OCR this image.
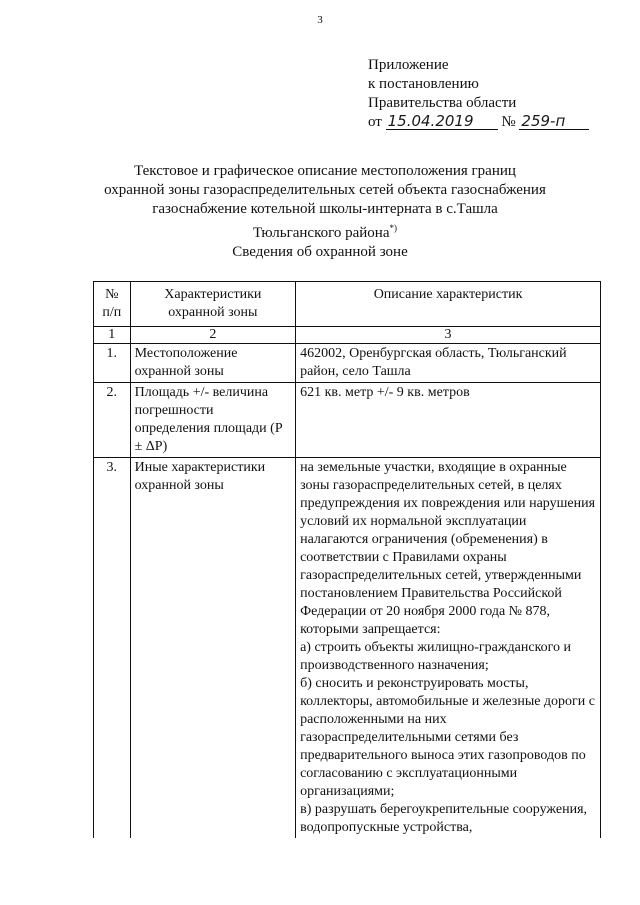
3
Приложение
к постановлению
Правительства области
от 15.04.2019 № 259-п
Текстовое и графическое описание местоположения границ
охранной зоны газораспределительных сетей объекта газоснабжения
газоснабжение котельной школы-интерната в с.Ташла
Тюльганского района*)
Сведения об охранной зоне
№ п/п	Характеристики охранной зоны	Описание характеристик
1	2	3
1.	Местоположение охранной зоны	462002, Оренбургская область, Тюльганский район, село Ташла
2.	Площадь +/- величина погрешности определения площади (P ± ΔP)	621 кв. метр +/- 9 кв. метров
3.	Иные характеристики охранной зоны	на земельные участки, входящие в охранные зоны газораспределительных сетей, в целях предупреждения их повреждения или нарушения условий их нормальной эксплуатации налагаются ограничения (обременения) в соответствии с Правилами охраны газораспределительных сетей, утвержденными постановлением Правительства Российской Федерации от 20 ноября 2000 года № 878, которыми запрещается:
а) строить объекты жилищно-гражданского и производственного назначения;
б) сносить и реконструировать мосты, коллекторы, автомобильные и железные дороги с расположенными на них газораспределительными сетями без предварительного выноса этих газопроводов по согласованию с эксплуатационными организациями;
в) разрушать берегоукрепительные сооружения, водопропускные устройства,
